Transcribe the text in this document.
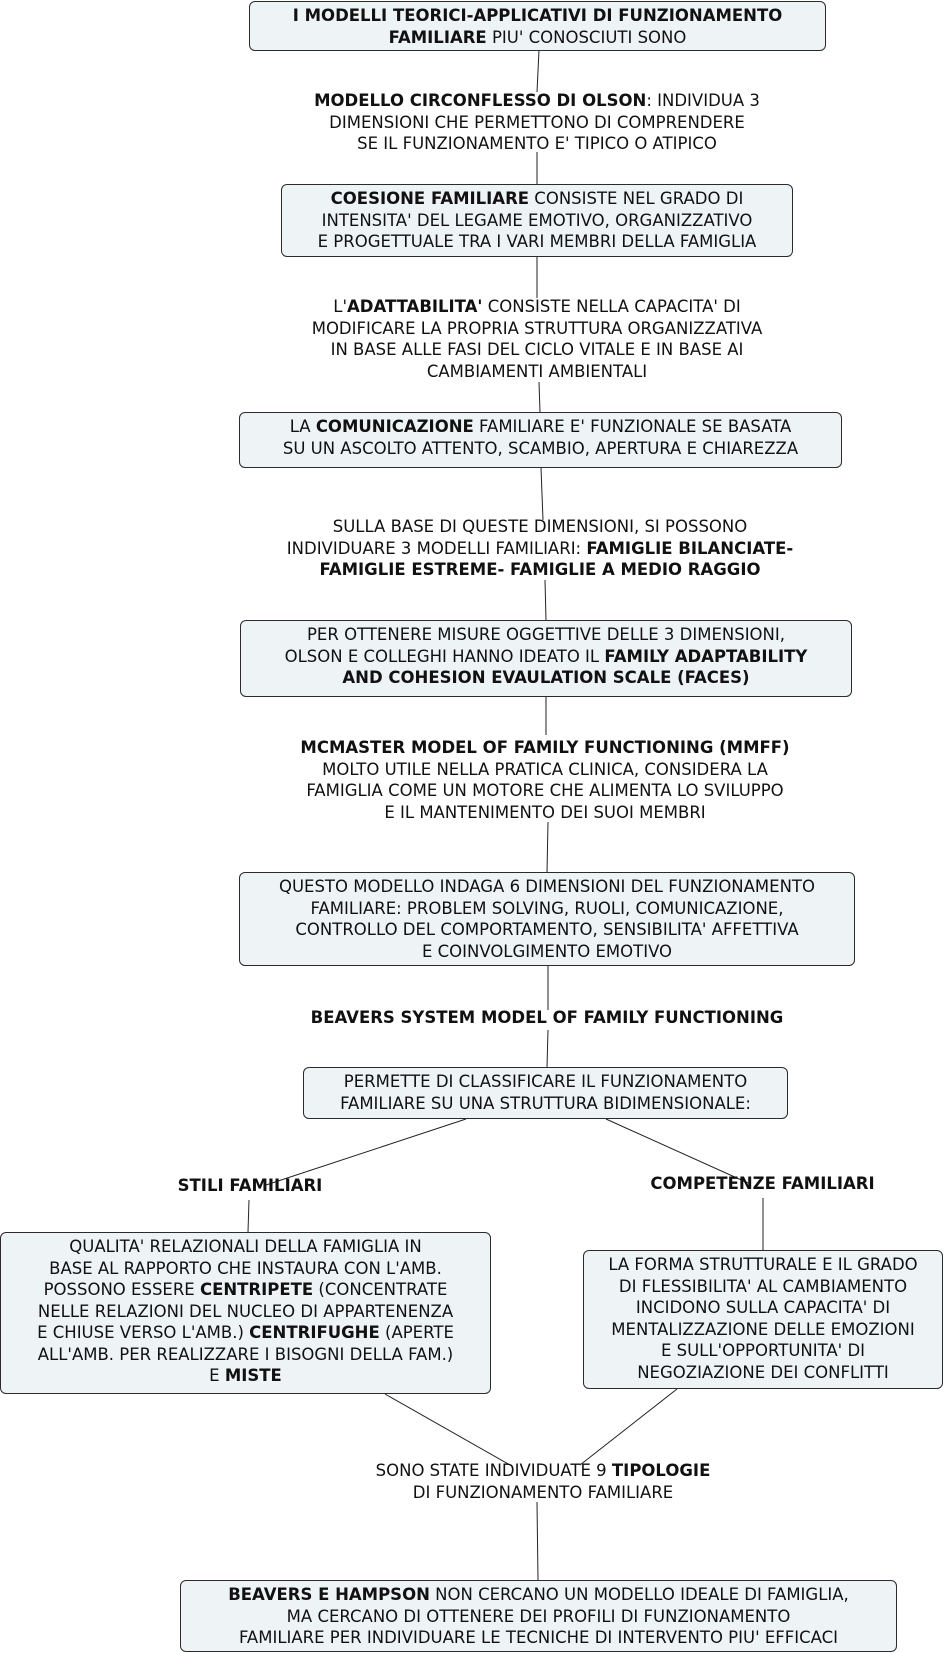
I MODELLI TEORICI-APPLICATIVI DI FUNZIONAMENTO
FAMILIARE PIU' CONOSCIUTI SONO
MODELLO CIRCONFLESSO DI OLSON: INDIVIDUA 3
DIMENSIONI CHE PERMETTONO DI COMPRENDERE
SE IL FUNZIONAMENTO E' TIPICO O ATIPICO
COESIONE FAMILIARE CONSISTE NEL GRADO DI
INTENSITA' DEL LEGAME EMOTIVO, ORGANIZZATIVO
E PROGETTUALE TRA I VARI MEMBRI DELLA FAMIGLIA
L'ADATTABILITA' CONSISTE NELLA CAPACITA' DI
MODIFICARE LA PROPRIA STRUTTURA ORGANIZZATIVA
IN BASE ALLE FASI DEL CICLO VITALE E IN BASE AI
CAMBIAMENTI AMBIENTALI
LA COMUNICAZIONE FAMILIARE E' FUNZIONALE SE BASATA
SU UN ASCOLTO ATTENTO, SCAMBIO, APERTURA E CHIAREZZA
SULLA BASE DI QUESTE DIMENSIONI, SI POSSONO
INDIVIDUARE 3 MODELLI FAMILIARI: FAMIGLIE BILANCIATE-
FAMIGLIE ESTREME- FAMIGLIE A MEDIO RAGGIO
PER OTTENERE MISURE OGGETTIVE DELLE 3 DIMENSIONI,
OLSON E COLLEGHI HANNO IDEATO IL FAMILY ADAPTABILITY
AND COHESION EVAULATION SCALE (FACES)
MCMASTER MODEL OF FAMILY FUNCTIONING (MMFF)
MOLTO UTILE NELLA PRATICA CLINICA, CONSIDERA LA
FAMIGLIA COME UN MOTORE CHE ALIMENTA LO SVILUPPO
E IL MANTENIMENTO DEI SUOI MEMBRI
QUESTO MODELLO INDAGA 6 DIMENSIONI DEL FUNZIONAMENTO
FAMILIARE: PROBLEM SOLVING, RUOLI, COMUNICAZIONE,
CONTROLLO DEL COMPORTAMENTO, SENSIBILITA' AFFETTIVA
E COINVOLGIMENTO EMOTIVO
BEAVERS SYSTEM MODEL OF FAMILY FUNCTIONING
PERMETTE DI CLASSIFICARE IL FUNZIONAMENTO
FAMILIARE SU UNA STRUTTURA BIDIMENSIONALE:
STILI FAMILIARI	COMPETENZE FAMILIARI
QUALITA' RELAZIONALI DELLA FAMIGLIA IN
BASE AL RAPPORTO CHE INSTAURA CON L'AMB.
POSSONO ESSERE CENTRIPETE (CONCENTRATE
NELLE RELAZIONI DEL NUCLEO DI APPARTENENZA
E CHIUSE VERSO L'AMB.) CENTRIFUGHE (APERTE
ALL'AMB. PER REALIZZARE I BISOGNI DELLA FAM.)
E MISTE
LA FORMA STRUTTURALE E IL GRADO
DI FLESSIBILITA' AL CAMBIAMENTO
INCIDONO SULLA CAPACITA' DI
MENTALIZZAZIONE DELLE EMOZIONI
E SULL'OPPORTUNITA' DI
NEGOZIAZIONE DEI CONFLITTI
SONO STATE INDIVIDUATE 9 TIPOLOGIE
DI FUNZIONAMENTO FAMILIARE
BEAVERS E HAMPSON NON CERCANO UN MODELLO IDEALE DI FAMIGLIA,
MA CERCANO DI OTTENERE DEI PROFILI DI FUNZIONAMENTO
FAMILIARE PER INDIVIDUARE LE TECNICHE DI INTERVENTO PIU' EFFICACI
